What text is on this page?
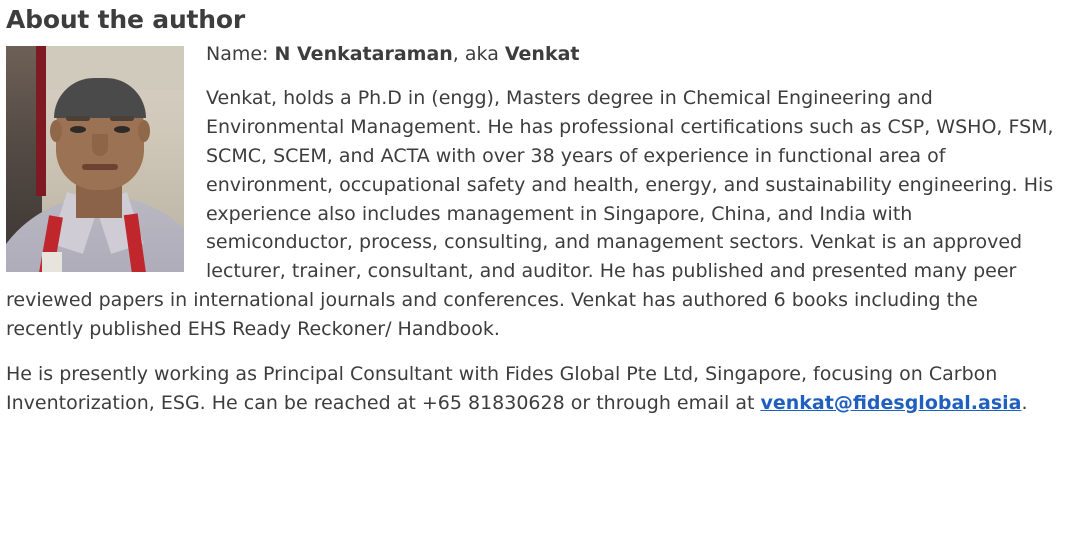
About the author

Name: N Venkataraman, aka Venkat

Venkat, holds a Ph.D in (engg), Masters degree in Chemical Engineering and Environmental Management. He has professional certifications such as CSP, WSHO, FSM, SCMC, SCEM, and ACTA with over 38 years of experience in functional area of environment, occupational safety and health, energy, and sustainability engineering. His experience also includes management in Singapore, China, and India with semiconductor, process, consulting, and management sectors. Venkat is an approved lecturer, trainer, consultant, and auditor. He has published and presented many peer reviewed papers in international journals and conferences. Venkat has authored 6 books including the recently published EHS Ready Reckoner/ Handbook.

He is presently working as Principal Consultant with Fides Global Pte Ltd, Singapore, focusing on Carbon Inventorization, ESG. He can be reached at +65 81830628 or through email at venkat@fidesglobal.asia.
